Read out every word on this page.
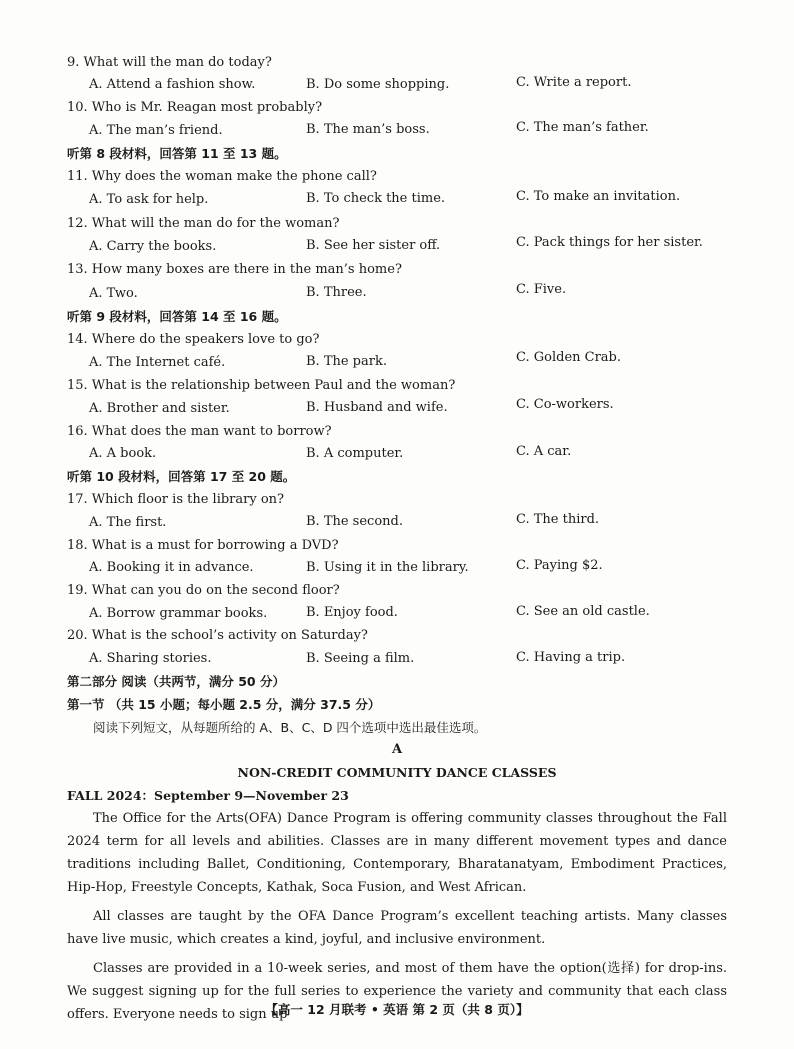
9. What will the man do today?
A. Attend a fashion show.	B. Do some shopping.	C. Write a report.
10. Who is Mr. Reagan most probably?
A. The man’s friend.	B. The man’s boss.	C. The man’s father.
听第 8 段材料，回答第 11 至 13 题。
11. Why does the woman make the phone call?
A. To ask for help.	B. To check the time.	C. To make an invitation.
12. What will the man do for the woman?
A. Carry the books.	B. See her sister off.	C. Pack things for her sister.
13. How many boxes are there in the man’s home?
A. Two.	B. Three.	C. Five.
听第 9 段材料，回答第 14 至 16 题。
14. Where do the speakers love to go?
A. The Internet café.	B. The park.	C. Golden Crab.
15. What is the relationship between Paul and the woman?
A. Brother and sister.	B. Husband and wife.	C. Co-workers.
16. What does the man want to borrow?
A. A book.	B. A computer.	C. A car.
听第 10 段材料，回答第 17 至 20 题。
17. Which floor is the library on?
A. The first.	B. The second.	C. The third.
18. What is a must for borrowing a DVD?
A. Booking it in advance.	B. Using it in the library.	C. Paying $2.
19. What can you do on the second floor?
A. Borrow grammar books.	B. Enjoy food.	C. See an old castle.
20. What is the school’s activity on Saturday?
A. Sharing stories.	B. Seeing a film.	C. Having a trip.
第二部分 阅读（共两节，满分 50 分）
第一节 （共 15 小题；每小题 2.5 分，满分 37.5 分）
阅读下列短文，从每题所给的 A、B、C、D 四个选项中选出最佳选项。
A
NON-CREDIT COMMUNITY DANCE CLASSES
FALL 2024：September 9—November 23

The Office for the Arts(OFA) Dance Program is offering community classes throughout the Fall 2024 term for all levels and abilities. Classes are in many different movement types and dance traditions including Ballet, Conditioning, Contemporary, Bharatanatyam, Embodiment Practices, Hip-Hop, Freestyle Concepts, Kathak, Soca Fusion, and West African.

All classes are taught by the OFA Dance Program’s excellent teaching artists. Many classes have live music, which creates a kind, joyful, and inclusive environment.

Classes are provided in a 10-week series, and most of them have the option(选择) for drop-ins. We suggest signing up for the full series to experience the variety and community that each class offers. Everyone needs to sign up

【高一 12 月联考 • 英语 第 2 页（共 8 页）】
